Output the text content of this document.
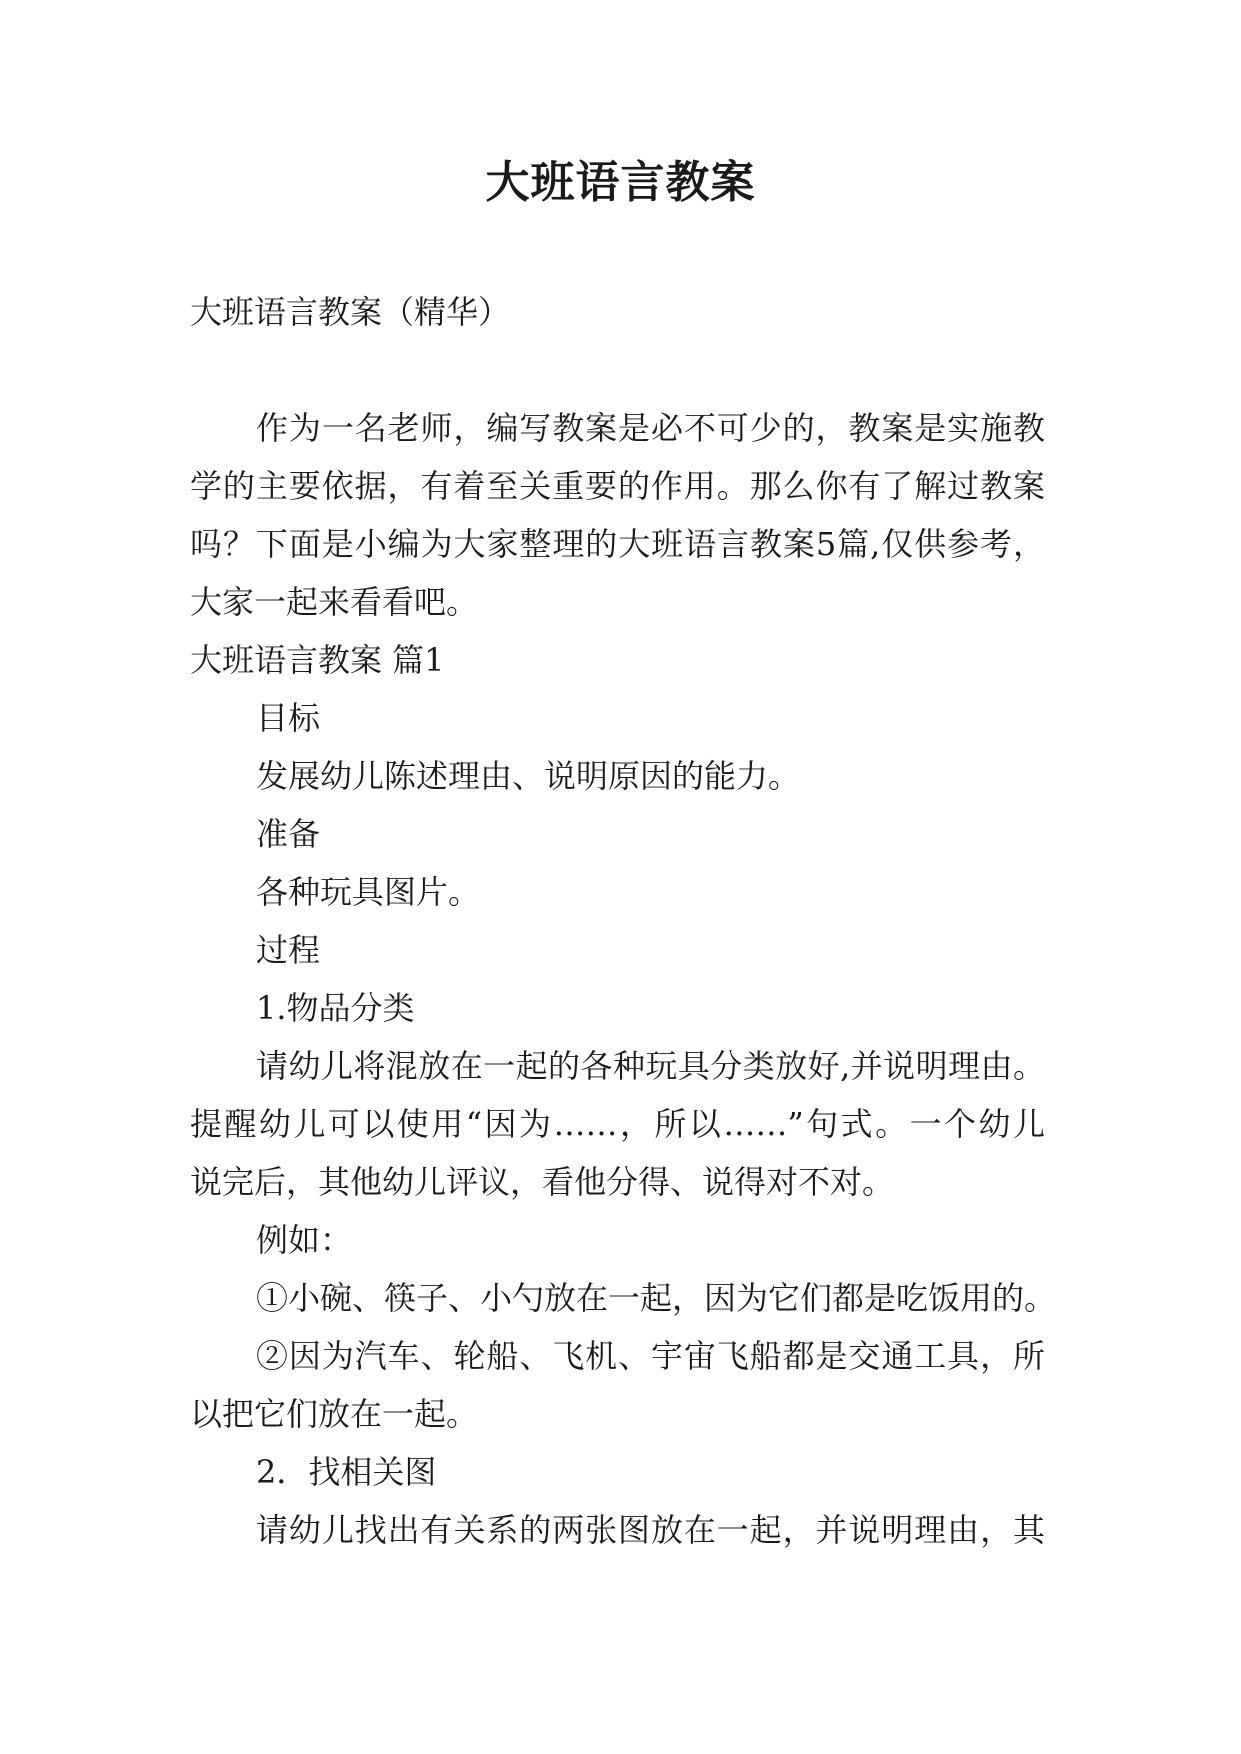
大班语言教案
大班语言教案（精华）
作为一名老师，编写教案是必不可少的，教案是实施教
学的主要依据，有着至关重要的作用。那么你有了解过教案
吗？下面是小编为大家整理的大班语言教案5篇,仅供参考，
大家一起来看看吧。
大班语言教案 篇1
目标
发展幼儿陈述理由、说明原因的能力。
准备
各种玩具图片。
过程
1.物品分类
请幼儿将混放在一起的各种玩具分类放好,并说明理由。
提醒幼儿可以使用“因为……，所以……”句式。一个幼儿
说完后，其他幼儿评议，看他分得、说得对不对。
例如：
①小碗、筷子、小勺放在一起，因为它们都是吃饭用的。
②因为汽车、轮船、飞机、宇宙飞船都是交通工具，所
以把它们放在一起。
2．找相关图
请幼儿找出有关系的两张图放在一起，并说明理由，其
